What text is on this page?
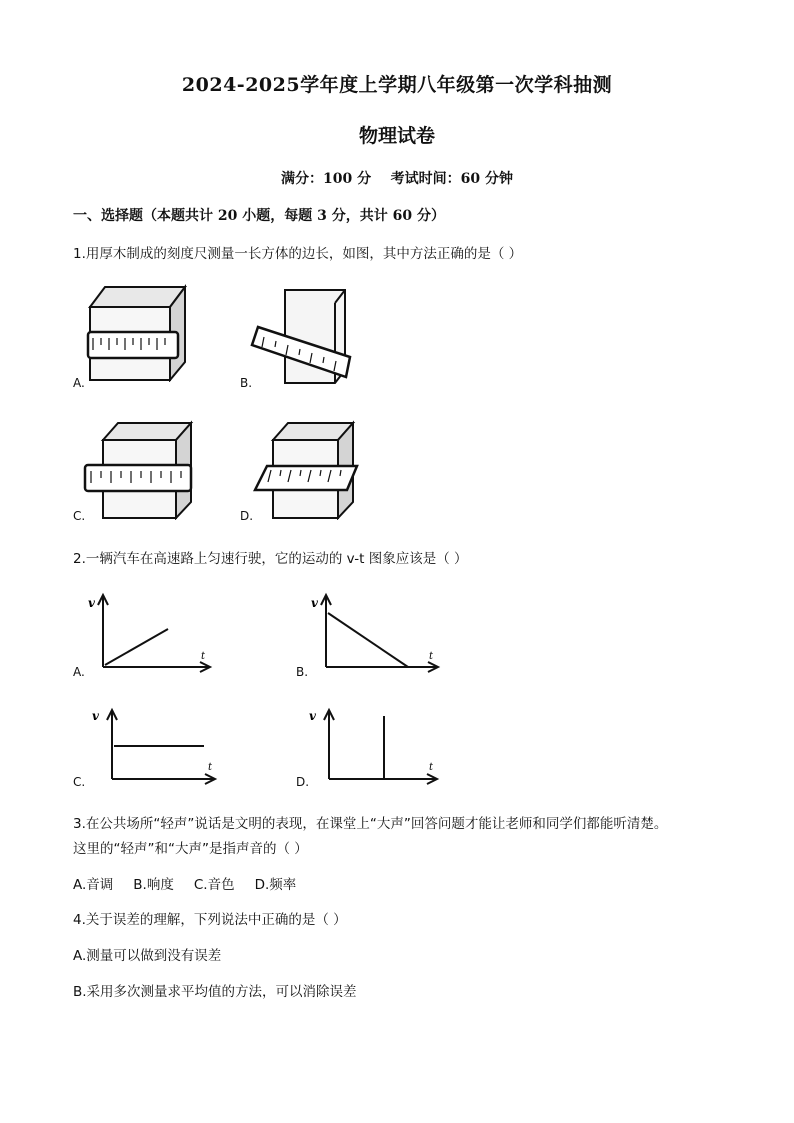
2024-2025学年度上学期八年级第一次学科抽测
物理试卷
满分：100 分    考试时间：60 分钟
一、选择题（本题共计 20 小题，每题 3 分，共计 60 分）
1.用厚木制成的刻度尺测量一长方体的边长，如图，其中方法正确的是（ ）
A.	B.
C.	D.
2.一辆汽车在高速路上匀速行驶，它的运动的 v-t 图象应该是（ ）
v
t
A.
v
t
B.
v
t
C.
v
t
D.
3.在公共场所“轻声”说话是文明的表现，在课堂上“大声”回答问题才能让老师和同学们都能听清楚。
这里的“轻声”和“大声”是指声音的（ ）
A.音调 B.响度 C.音色 D.频率
4.关于误差的理解，下列说法中正确的是（ ）
A.测量可以做到没有误差
B.采用多次测量求平均值的方法，可以消除误差
